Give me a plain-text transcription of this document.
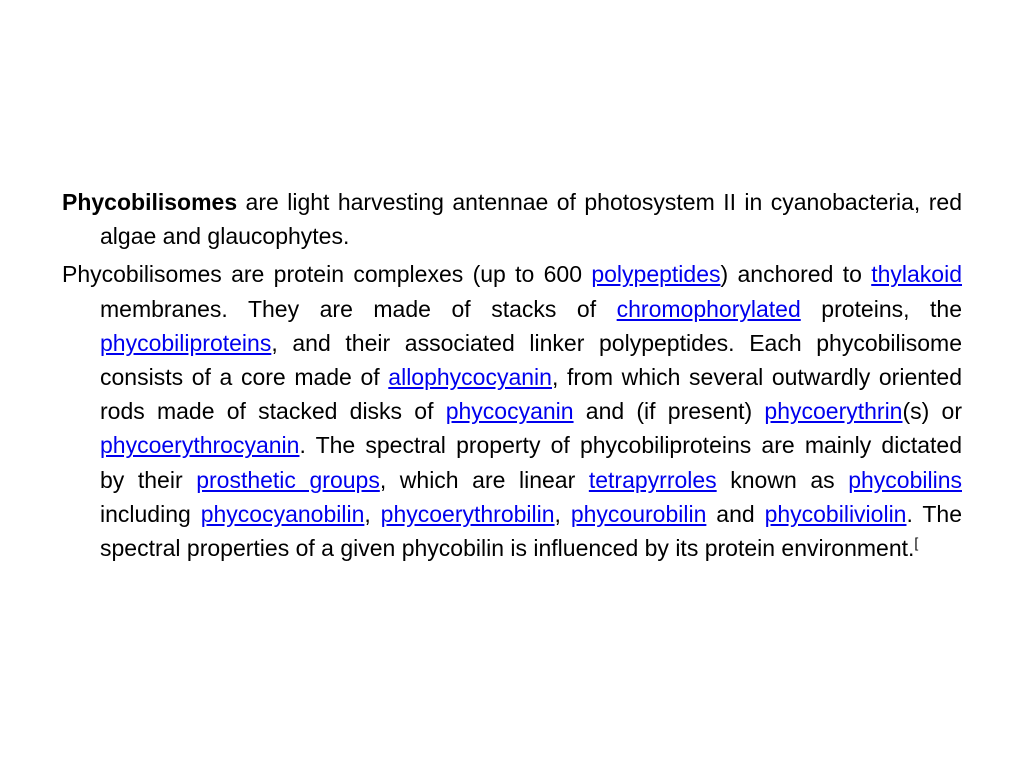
Phycobilisomes are light harvesting antennae of photosystem II in cyanobacteria, red algae and glaucophytes.

Phycobilisomes are protein complexes (up to 600 polypeptides) anchored to thylakoid membranes. They are made of stacks of chromophorylated proteins, the phycobiliproteins, and their associated linker polypeptides. Each phycobilisome consists of a core made of allophycocyanin, from which several outwardly oriented rods made of stacked disks of phycocyanin and (if present) phycoerythrin(s) or phycoerythrocyanin. The spectral property of phycobiliproteins are mainly dictated by their prosthetic groups, which are linear tetrapyrroles known as phycobilins including phycocyanobilin, phycoerythrobilin, phycourobilin and phycobiliviolin. The spectral properties of a given phycobilin is influenced by its protein environment.[
